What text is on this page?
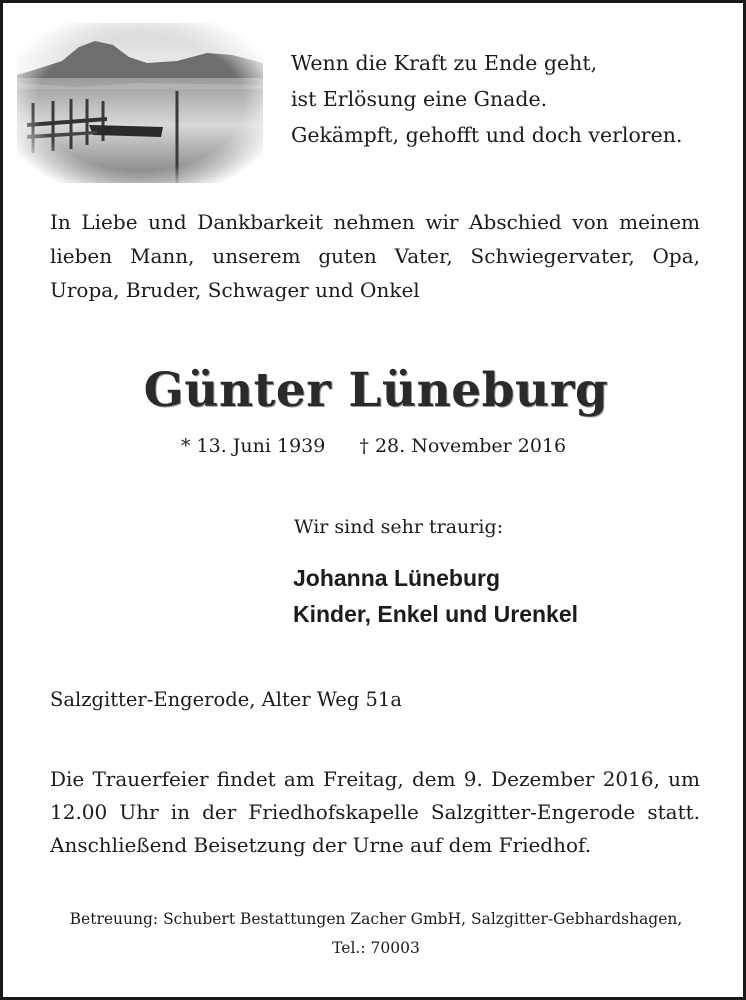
Wenn die Kraft zu Ende geht,
ist Erlösung eine Gnade.
Gekämpft, gehofft und doch verloren.
In Liebe und Dankbarkeit nehmen wir Abschied von meinem
lieben Mann, unserem guten Vater, Schwiegervater, Opa,
Uropa, Bruder, Schwager und Onkel
Günter Lüneburg
* 13. Juni 1939 † 28. November 2016
Wir sind sehr traurig:
Johanna Lüneburg
Kinder, Enkel und Urenkel
Salzgitter-Engerode, Alter Weg 51a
Die Trauerfeier findet am Freitag, dem 9. Dezember 2016, um
12.00 Uhr in der Friedhofskapelle Salzgitter-Engerode statt.
Anschließend Beisetzung der Urne auf dem Friedhof.
Betreuung: Schubert Bestattungen Zacher GmbH, Salzgitter-Gebhardshagen,
Tel.: 70003
